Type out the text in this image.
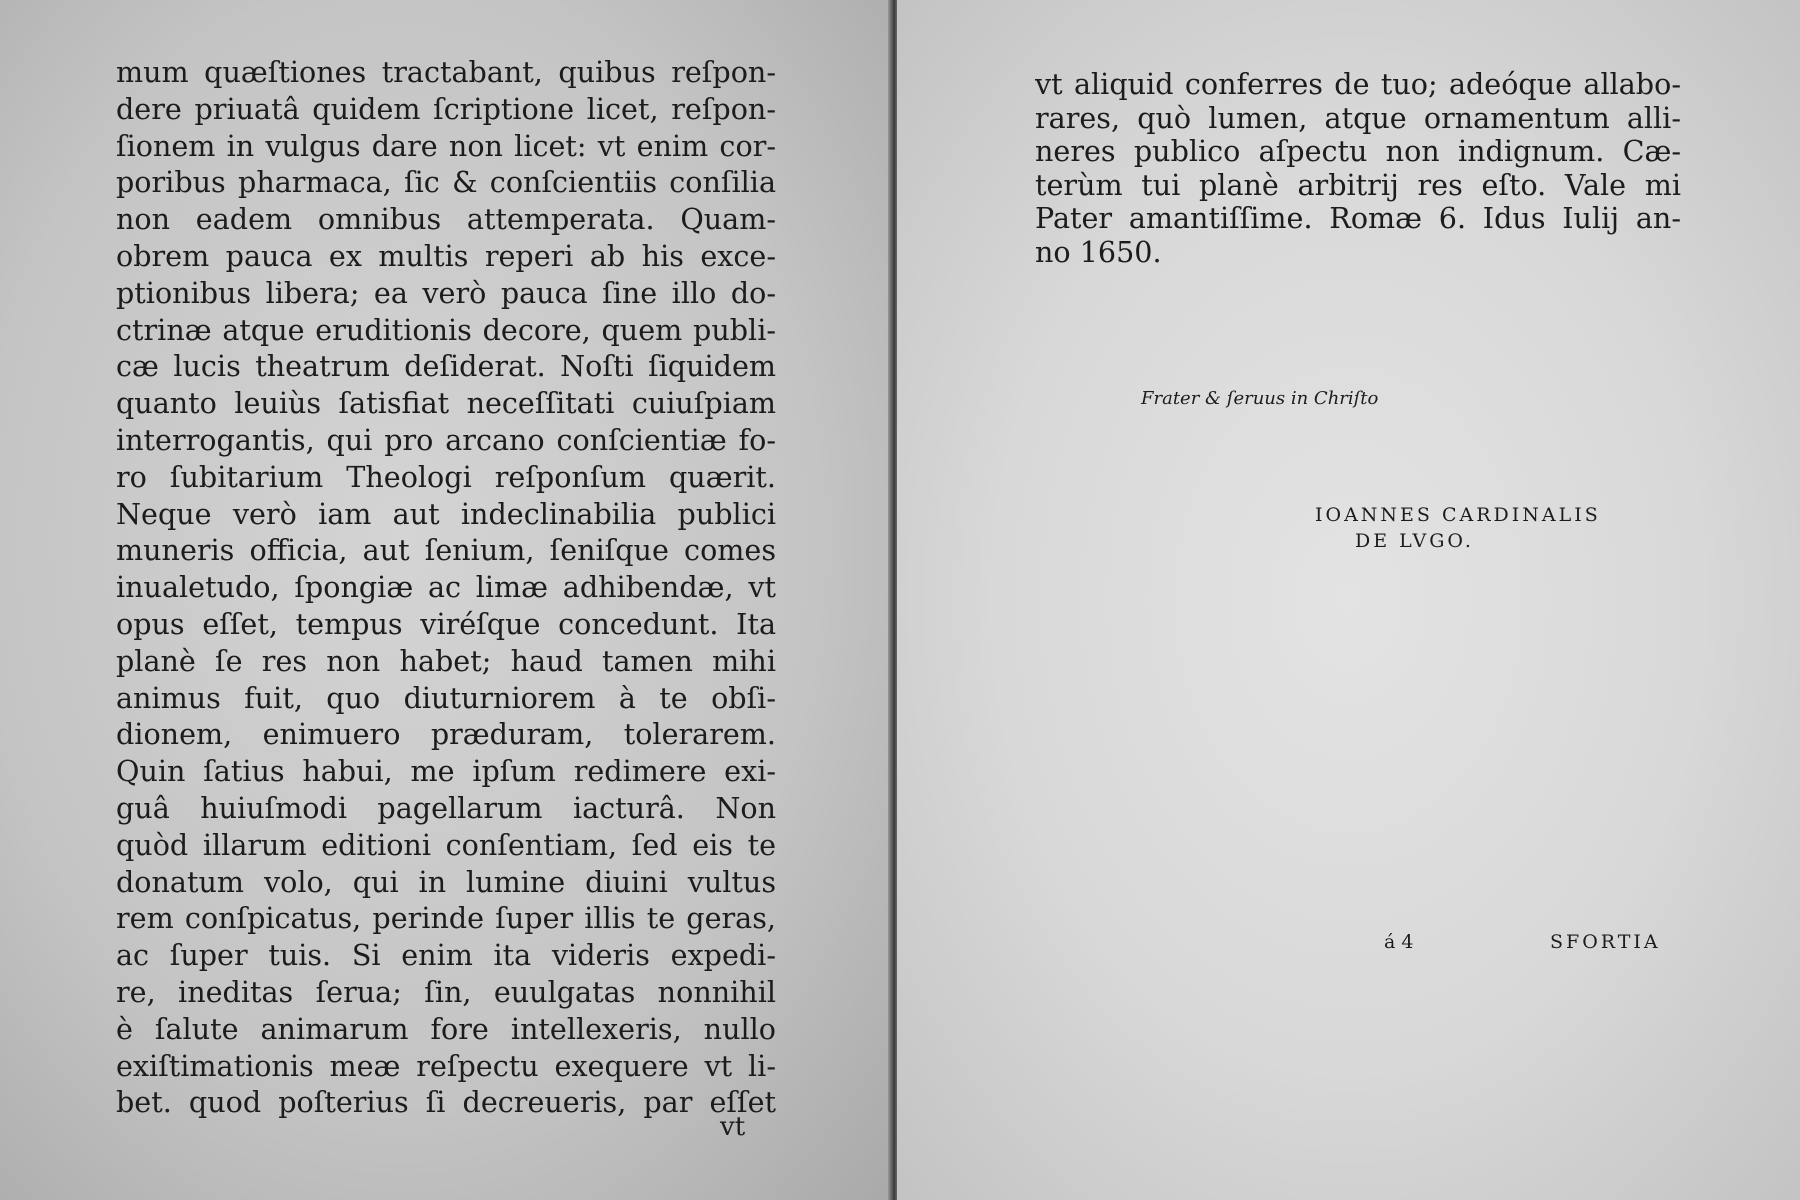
mum quæſtiones tractabant, quibus reſpon-
dere priuatâ quidem ſcriptione licet, reſpon-
ſionem in vulgus dare non licet: vt enim cor-
poribus pharmaca, ſic & conſcientiis conſilia
non eadem omnibus attemperata. Quam-
obrem pauca ex multis reperi ab his exce-
ptionibus libera; ea verò pauca ſine illo do-
ctrinæ atque eruditionis decore, quem publi-
cæ lucis theatrum deſiderat. Noſti ſiquidem
quanto leuiùs ſatisfiat neceſſitati cuiuſpiam
interrogantis, qui pro arcano conſcientiæ fo-
ro ſubitarium Theologi reſponſum quærit.
Neque verò iam aut indeclinabilia publici
muneris officia, aut ſenium, ſeniſque comes
inualetudo, ſpongiæ ac limæ adhibendæ, vt
opus eſſet, tempus viréſque concedunt. Ita
planè ſe res non habet; haud tamen mihi
animus fuit, quo diuturniorem à te obſi-
dionem, enimuero præduram, tolerarem.
Quin ſatius habui, me ipſum redimere exi-
guâ huiuſmodi pagellarum iacturâ. Non
quòd illarum editioni conſentiam, ſed eis te
donatum volo, qui in lumine diuini vultus
rem conſpicatus, perinde ſuper illis te geras,
ac ſuper tuis. Si enim ita videris expedi-
re, ineditas ſerua; ſin, euulgatas nonnihil
è ſalute animarum fore intellexeris, nullo
exiſtimationis meæ reſpectu exequere vt li-
bet. quod poſterius ſi decreueris, par eſſet
vt
vt aliquid conferres de tuo; adeóque allabo-
rares, quò lumen, atque ornamentum alli-
neres publico aſpectu non indignum. Cæ-
terùm tui planè arbitrij res eſto. Vale mi
Pater amantiſſime. Romæ 6. Idus Iulij an-
no 1650.
Frater & ſeruus in Chriſto
IOANNES CARDINALIS
DE LVGO.
á 4	SFORTIA
